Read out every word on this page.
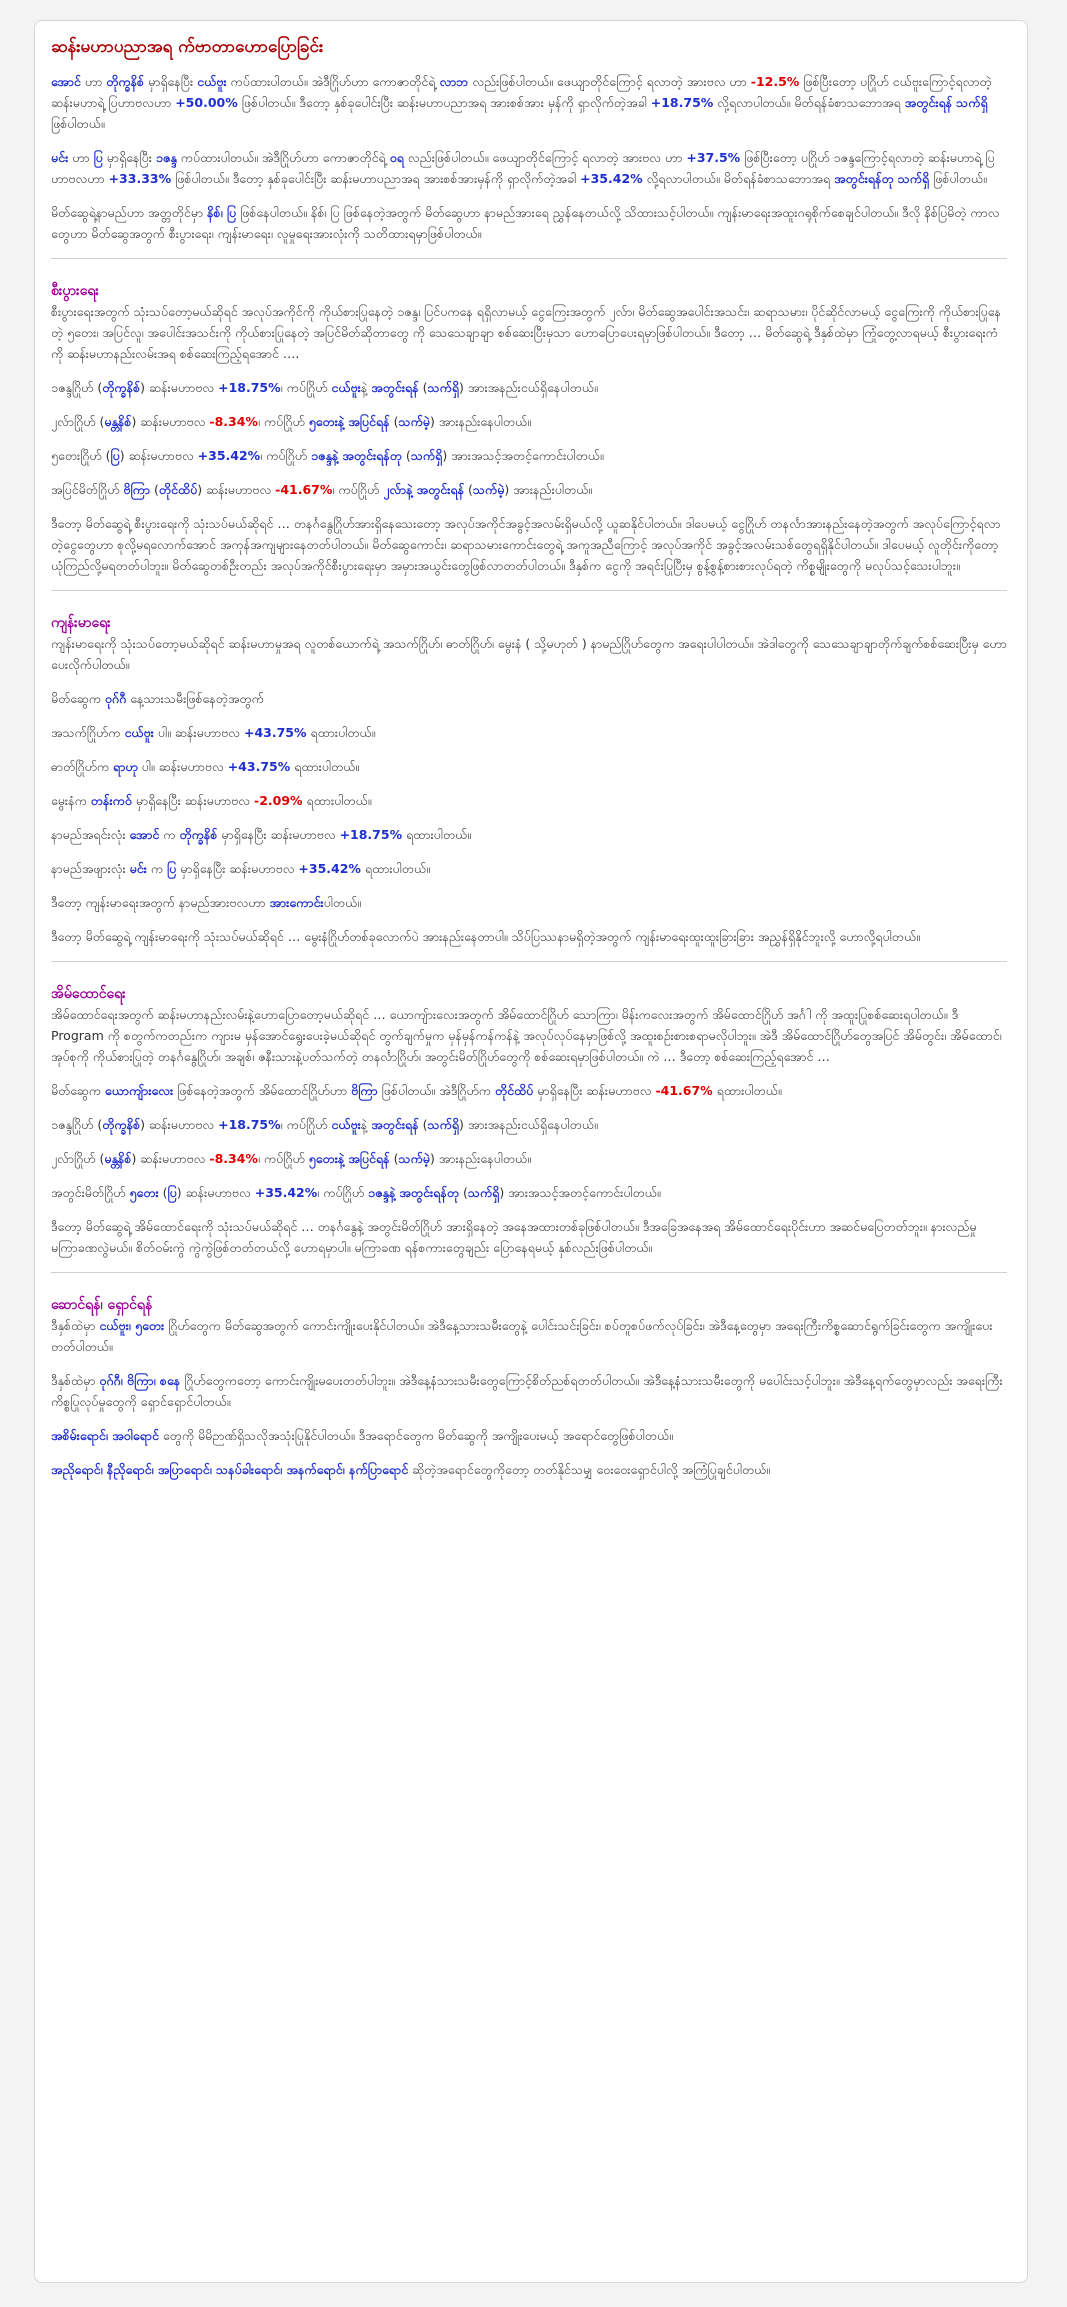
ဆန်းမဟာပညာအရ က်ဗာတာဟောပြောခြင်း

အောင် ဟာ တိုက္ခနိစ် မှာရှိနေပြီး ငယ်ဗူး ကပ်ထားပါတယ်။ အဲဒီဂြိုဟ်ဟာ ကောဇာတိုင်ရဲ့ လာဘ လည်းဖြစ်ပါတယ်။ ဖေယျာတိုင်ကြောင့် ရလာတဲ့ အားဗလ ဟာ -12.5% ဖြစ်ပြီးတော့ ပဂြိုဟ် ငယ်ဗူးကြောင့်ရလာတဲ့ ဆန်းမဟာရဲ့ ပြဟာဗလဟာ +50.00% ဖြစ်ပါတယ်။ ဒီတော့ နှစ်ခုပေါင်းပြီး ဆန်းမဟာပညာအရ အားစစ်အား မှန်ကို ရှာလိုက်တဲ့အခါ +18.75% လို့ရလာပါတယ်။ မိတ်ရန်ခံစာသဘောအရ အတွင်းရန် သက်ရှိ ဖြစ်ပါတယ်။

မင်း ဟာ ပြ မှာရှိနေပြီး ၁ဇန္ဒ ကပ်ထားပါတယ်။ အဲဒီဂြိုဟ်ဟာ ကောဇာတိုင်ရဲ့ ဝရ လည်းဖြစ်ပါတယ်။ ဖေယျာတိုင်ကြောင့် ရလာတဲ့ အားဗလ ဟာ +37.5% ဖြစ်ပြီးတော့ ပဂြိုဟ် ၁ဇန္ဒကြောင့်ရလာတဲ့ ဆန်းမဟာရဲ့ ပြဟာဗလဟာ +33.33% ဖြစ်ပါတယ်။ ဒီတော့ နှစ်ခုပေါင်းပြီး ဆန်းမဟာပညာအရ အားစစ်အားမှန်ကို ရှာလိုက်တဲ့အခါ +35.42% လို့ရလာပါတယ်။ မိတ်ရန်ခံစာသဘောအရ အတွင်းရန်တု သက်ရှိ ဖြစ်ပါတယ်။

မိတ်ဆွေရဲ့နာမည်ဟာ အတ္တတိုင်မှာ နိစ်၊ ပြ ဖြစ်နေပါတယ်။ နိစ်၊ ပြ ဖြစ်နေတဲ့အတွက် မိတ်ဆွေဟာ နာမည်အားရေ ညွှန်နေတယ်လို့ သိထားသင့်ပါတယ်။ ကျန်းမာရေးအထူးဂရုစိုက်စေချင်ပါတယ်။ ဒီလို နိစ်ပြမိတဲ့ ကာလတွေဟာ မိတ်ဆွေအတွက် စီးပွားရေး၊ ကျန်းမာရေး၊ လူမှုရေးအားလုံးကို သတိထားရမှာဖြစ်ပါတယ်။

စီးပွားရေး

စီးပွားရေးအတွက် သုံးသပ်တော့မယ်ဆိုရင် အလုပ်အကိုင်ကို ကိုယ်စားပြုနေတဲ့ ၁ဇန္ဒ၊ ပြင်ပကနေ ရရှိလာမယ့် ငွေကြေးအတွက် ၂လ်ာ၊ မိတ်ဆွေအပေါင်းအသင်း၊ ဆရာသမား၊ ပိုင်ဆိုင်လာမယ့် ငွေကြေးကို ကိုယ်စားပြုနေတဲ့ ၅တေး၊ အပြင်လူ၊ အပေါင်းအသင်းကို ကိုယ်စားပြုနေတဲ့ အပြင်မိတ်ဆိုတာတွေ ကို သေသေချာချာ စစ်ဆေးပြီးမှသာ ဟောပြောပေးရမှာဖြစ်ပါတယ်။ ဒီတော့ … မိတ်ဆွေရဲ့ ဒီနှစ်ထဲမှာ ကြုံတွေ့လာရမယ့် စီးပွားရေးကံကို ဆန်းမဟာနည်းလမ်းအရ စစ်ဆေးကြည့်ရအောင် ….

၁ဇန္ဒဂြိုဟ် (တိုက္ခနိစ်) ဆန်းမဟာဗလ +18.75%၊ ကပ်ဂြိုဟ် ငယ်ဗူးနဲ့ အတွင်းရန် (သက်ရှိ) အားအနည်းငယ်ရှိနေပါတယ်။

၂လ်ာဂြိုဟ် (မန္တနိစ်) ဆန်းမဟာဗလ -8.34%၊ ကပ်ဂြိုဟ် ၅တေးနဲ့ အပြင်ရန် (သက်မဲ့) အားနည်းနေပါတယ်။

၅တေးဂြိုဟ် (ပြ) ဆန်းမဟာဗလ +35.42%၊ ကပ်ဂြိုဟ် ၁ဇန္ဒနဲ့ အတွင်းရန်တု (သက်ရှိ) အားအသင့်အတင့်ကောင်းပါတယ်။

အပြင်မိတ်ဂြိုဟ် ဗိကြာ (တိုင်ထိပ်) ဆန်းမဟာဗလ -41.67%၊ ကပ်ဂြိုဟ် ၂လ်ာနဲ့ အတွင်းရန် (သက်မဲ့) အားနည်းပါတယ်။

ဒီတော့ မိတ်ဆွေရဲ့ စီးပွားရေးကို သုံးသပ်မယ်ဆိုရင် … တနင်္ဂနွေဂြိုဟ်အားရှိနေသေးတော့ အလုပ်အကိုင်အခွင့်အလမ်းရှိမယ်လို့ ယူဆနိုင်ပါတယ်။ ဒါပေမယ့် ငွေဂြိုဟ် တနင်္လာအားနည်းနေတဲ့အတွက် အလုပ်ကြောင့်ရလာတဲ့ငွေတွေဟာ စုလို့မရလောက်အောင် အကုန်အကျများနေတတ်ပါတယ်။ မိတ်ဆွေကောင်း၊ ဆရာသမားကောင်းတွေရဲ့ အကူအညီကြောင့် အလုပ်အကိုင် အခွင့်အလမ်းသစ်တွေရရှိနိုင်ပါတယ်။ ဒါပေမယ့် လူတိုင်းကိုတော့ ယုံကြည်လို့မရတတ်ပါဘူး။ မိတ်ဆွေတစ်ဦးတည်း အလုပ်အကိုင်စီးပွားရေးမှာ အမှားအယွင်းတွေဖြစ်လာတတ်ပါတယ်။ ဒီနှစ်က ငွေကို အရင်းပြုပြီးမှ စွန့်စွန့်စားစားလုပ်ရတဲ့ ကိစ္စမျိုးတွေကို မလုပ်သင့်သေးပါဘူး။

ကျန်းမာရေး

ကျန်းမာရေးကို သုံးသပ်တော့မယ်ဆိုရင် ဆန်းမဟာမှုအရ လူတစ်ယောက်ရဲ့ အသက်ဂြိုဟ်၊ ဓာတ်ဂြိုဟ်၊ မွေးနံ ( သို့မဟုတ် ) နာမည်ဂြိုဟ်တွေက အရေးပါပါတယ်။ အဲဒါတွေကို သေသေချာချာတိုက်ချက်စစ်ဆေးပြီးမှ ဟောပေးလိုက်ပါတယ်။

မိတ်ဆွေက ဝုဂ်ဂီ နေ့သားသမီးဖြစ်နေတဲ့အတွက်

အသက်ဂြိုဟ်က ငယ်ဗူး ပါ။ ဆန်းမဟာဗလ +43.75% ရထားပါတယ်။

ဓာတ်ဂြိုဟ်က ရာဟု ပါ။ ဆန်းမဟာဗလ +43.75% ရထားပါတယ်။

မွေးနံက တန်းကဝ် မှာရှိနေပြီး ဆန်းမဟာဗလ -2.09% ရထားပါတယ်။

နာမည်အရင်းလုံး အောင် က တိုက္ခနိစ် မှာရှိနေပြီး ဆန်းမဟာဗလ +18.75% ရထားပါတယ်။

နာမည်အဖျားလုံး မင်း က ပြ မှာရှိနေပြီး ဆန်းမဟာဗလ +35.42% ရထားပါတယ်။

ဒီတော့ ကျန်းမာရေးအတွက် နာမည်အားဗလဟာ အားကောင်းပါတယ်။

ဒီတော့ မိတ်ဆွေရဲ့ ကျန်းမာရေးကို သုံးသပ်မယ်ဆိုရင် … မွေးနံဂြိုဟ်တစ်ခုလောက်ပဲ အားနည်းနေတာပါ။ သိပ်ပြဿနာမရှိတဲ့အတွက် ကျန်းမာရေးထူးထူးခြားခြား အညွှန်ရှိနိုင်ဘူးလို့ ဟောလို့ရပါတယ်။

အိမ်ထောင်ရေး

အိမ်ထောင်ရေးအတွက် ဆန်းမဟာနည်းလမ်းနဲ့ဟောပြောတော့မယ်ဆိုရင် … ယောကျ်ားလေးအတွက် အိမ်ထောင်ဂြိုဟ် သောကြာ၊ မိန်းကလေးအတွက် အိမ်ထောင်ဂြိုဟ် အင်္ဂါ ကို အထူးပြုစစ်ဆေးရပါတယ်။ ဒီ Program ကို စတွက်ကတည်းက ကျားမ မှန်အောင်ရွေးပေးခဲ့မယ်ဆိုရင် တွက်ချက်မှုက မှန်မှန်ကန်ကန်နဲ့ အလုပ်လုပ်နေမှာဖြစ်လို့ အထူးစဉ်းစားစရာမလိုပါဘူး။ အဲဒီ အိမ်ထောင်ဂြိုဟ်တွေအပြင် အိမ်တွင်း၊ အိမ်ထောင်၊ အုပ်စုကို ကိုယ်စားပြုတဲ့ တနင်္ဂနွေဂြိုဟ်၊ အချစ်၊ ဇနီးသားနဲ့ပတ်သက်တဲ့ တနင်္လာဂြိုဟ်၊ အတွင်းမိတ်ဂြိုဟ်တွေကို စစ်ဆေးရမှာဖြစ်ပါတယ်။ ကဲ … ဒီတော့ စစ်ဆေးကြည့်ရအောင် …

မိတ်ဆွေက ယောကျ်ားလေး ဖြစ်နေတဲ့အတွက် အိမ်ထောင်ဂြိုဟ်ဟာ ဗိကြာ ဖြစ်ပါတယ်။ အဲဒီဂြိုဟ်က တိုင်ထိပ် မှာရှိနေပြီး ဆန်းမဟာဗလ -41.67% ရထားပါတယ်။

၁ဇန္ဒဂြိုဟ် (တိုက္ခနိစ်) ဆန်းမဟာဗလ +18.75%၊ ကပ်ဂြိုဟ် ငယ်ဗူးနဲ့ အတွင်းရန် (သက်ရှိ) အားအနည်းငယ်ရှိနေပါတယ်။

၂လ်ာဂြိုဟ် (မန္တနိစ်) ဆန်းမဟာဗလ -8.34%၊ ကပ်ဂြိုဟ် ၅တေးနဲ့ အပြင်ရန် (သက်မဲ့) အားနည်းနေပါတယ်။

အတွင်းမိတ်ဂြိုဟ် ၅တေး (ပြ) ဆန်းမဟာဗလ +35.42%၊ ကပ်ဂြိုဟ် ၁ဇန္ဒနဲ့ အတွင်းရန်တု (သက်ရှိ) အားအသင့်အတင့်ကောင်းပါတယ်။

ဒီတော့ မိတ်ဆွေရဲ့ အိမ်ထောင်ရေးကို သုံးသပ်မယ်ဆိုရင် … တနင်္ဂနွေနဲ့ အတွင်းမိတ်ဂြိုဟ် အားရှိနေတဲ့ အနေအထားတစ်ခုဖြစ်ပါတယ်။ ဒီအခြေအနေအရ အိမ်ထောင်ရေးပိုင်းဟာ အဆင်မပြေတတ်ဘူး။ နားလည်မှုမကြာခဏလွဲမယ်။ စိတ်ဝမ်းကွဲ ကွဲကွဲဖြစ်တတ်တယ်လို့ ဟောရမှာပါ။ မကြာခဏ ရန်စကားတွေချည်း ပြောနေရမယ့် နှစ်လည်းဖြစ်ပါတယ်။

ဆောင်ရန်၊ ရှောင်ရန်

ဒီနှစ်ထဲမှာ ငယ်ဗူး၊ ၅တေး ဂြိုဟ်တွေက မိတ်ဆွေအတွက် ကောင်းကျိုးပေးနိုင်ပါတယ်။ အဲဒီနေ့သားသမီးတွေနဲ့ ပေါင်းသင်းခြင်း၊ စပ်တူစပ်ဖက်လုပ်ခြင်း၊ အဲဒီနေ့တွေမှာ အရေးကြီးကိစ္စဆောင်ရွက်ခြင်းတွေက အကျိုးပေးတတ်ပါတယ်။

ဒီနှစ်ထဲမှာ ဝုဂ်ဂီ၊ ဗိကြာ၊ စနေ ဂြိုဟ်တွေကတော့ ကောင်းကျိုးမပေးတတ်ပါဘူး။ အဲဒီနေ့နံသားသမီးတွေကြောင့်စိတ်ညစ်ရတတ်ပါတယ်။ အဲဒီနေ့နံသားသမီးတွေကို မပေါင်းသင့်ပါဘူး။ အဲဒီနေ့ရက်တွေမှာလည်း အရေးကြီးကိစ္စပြုလုပ်မှုတွေကို ရှောင်ရှောင်ပါတယ်။

အစိမ်းရောင်၊ အဝါရောင် တွေကို မိမိဉာဏ်ရှိသလိုအသုံးပြုနိုင်ပါတယ်။ ဒီအရောင်တွေက မိတ်ဆွေကို အကျိုးပေးမယ့် အရောင်တွေဖြစ်ပါတယ်။

အညိုရောင်၊ နီညိုရောင်၊ အပြာရောင်၊ သနပ်ခါးရောင်၊ အနက်ရောင်၊ နက်ပြာရောင် ဆိုတဲ့အရောင်တွေကိုတော့ တတ်နိုင်သမျှ ဝေးဝေးရှောင်ပါလို့ အကြံပြုချင်ပါတယ်။
